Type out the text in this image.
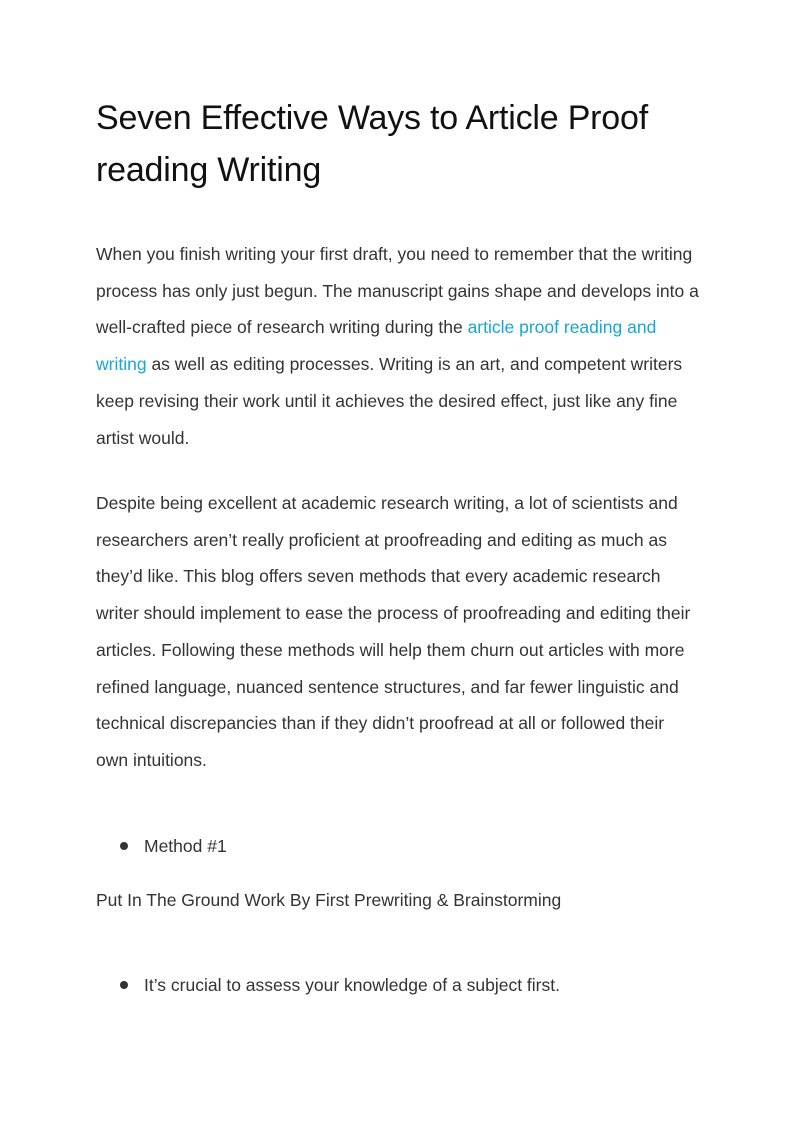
Seven Effective Ways to Article Proof reading Writing

When you finish writing your first draft, you need to remember that the writing process has only just begun. The manuscript gains shape and develops into a well-crafted piece of research writing during the article proof reading and writing as well as editing processes. Writing is an art, and competent writers keep revising their work until it achieves the desired effect, just like any fine artist would.

Despite being excellent at academic research writing, a lot of scientists and researchers aren’t really proficient at proofreading and editing as much as they’d like. This blog offers seven methods that every academic research writer should implement to ease the process of proofreading and editing their articles. Following these methods will help them churn out articles with more refined language, nuanced sentence structures, and far fewer linguistic and technical discrepancies than if they didn’t proofread at all or followed their own intuitions.

Method #1
Put In The Ground Work By First Prewriting & Brainstorming
It’s crucial to assess your knowledge of a subject first.
